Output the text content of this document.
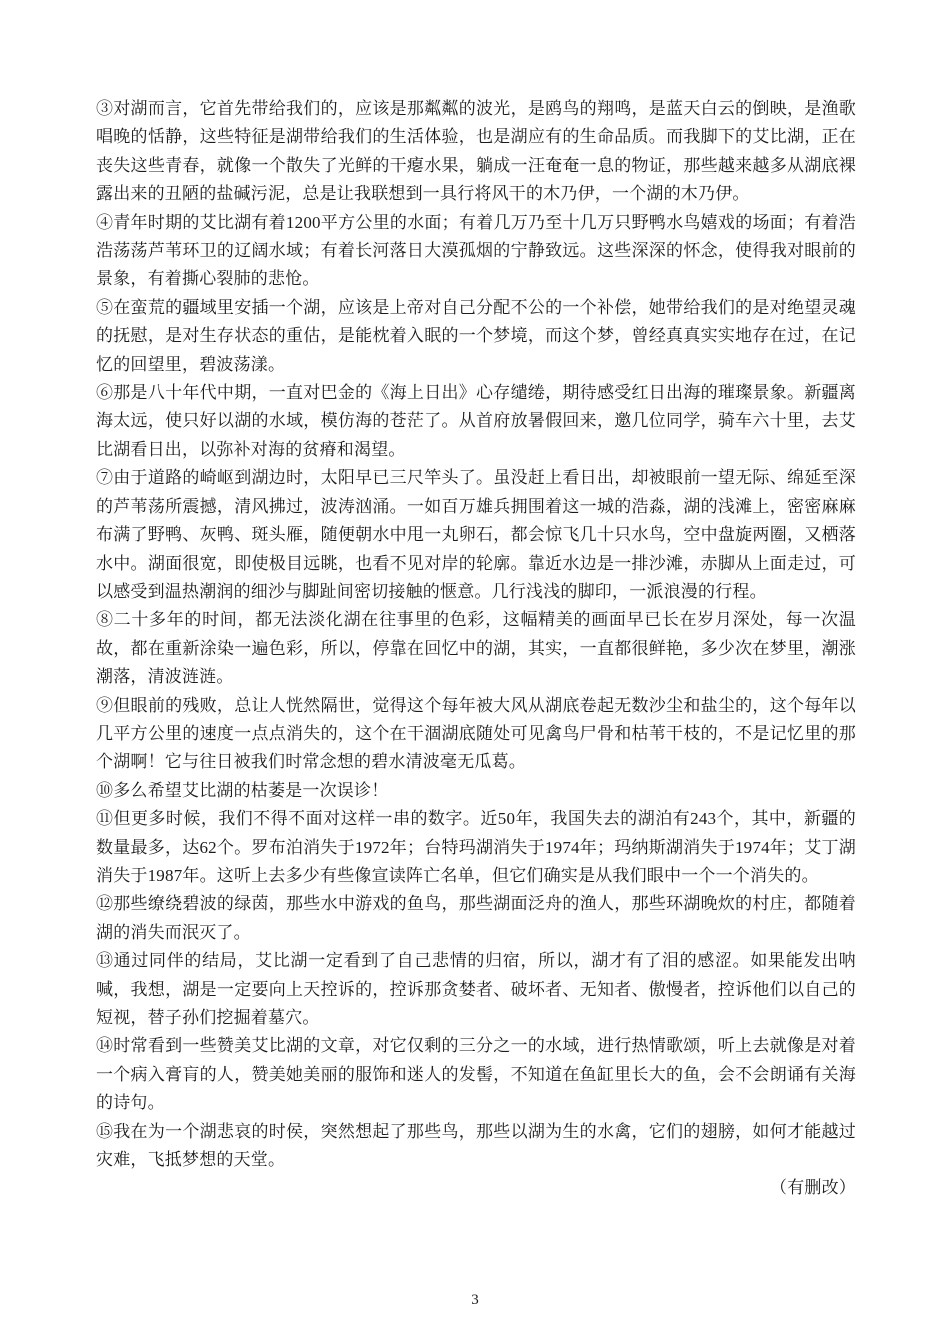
③对湖而言，它首先带给我们的，应该是那粼粼的波光，是鸥鸟的翔鸣，是蓝天白云的倒映，是渔歌唱晚的恬静，这些特征是湖带给我们的生活体验，也是湖应有的生命品质。而我脚下的艾比湖，正在丧失这些青春，就像一个散失了光鲜的干瘪水果，躺成一汪奄奄一息的物证，那些越来越多从湖底裸露出来的丑陋的盐碱污泥，总是让我联想到一具行将风干的木乃伊，一个湖的木乃伊。

④青年时期的艾比湖有着1200平方公里的水面；有着几万乃至十几万只野鸭水鸟嬉戏的场面；有着浩浩荡荡芦苇环卫的辽阔水域；有着长河落日大漠孤烟的宁静致远。这些深深的怀念，使得我对眼前的景象，有着撕心裂肺的悲怆。

⑤在蛮荒的疆域里安插一个湖，应该是上帝对自己分配不公的一个补偿，她带给我们的是对绝望灵魂的抚慰，是对生存状态的重估，是能枕着入眠的一个梦境，而这个梦，曾经真真实实地存在过，在记忆的回望里，碧波荡漾。

⑥那是八十年代中期，一直对巴金的《海上日出》心存缱绻，期待感受红日出海的璀璨景象。新疆离海太远，使只好以湖的水域，模仿海的苍茫了。从首府放暑假回来，邀几位同学，骑车六十里，去艾比湖看日出，以弥补对海的贫瘠和渴望。

⑦由于道路的崎岖到湖边时，太阳早已三尺竿头了。虽没赶上看日出，却被眼前一望无际、绵延至深的芦苇荡所震撼，清风拂过，波涛汹涌。一如百万雄兵拥围着这一城的浩淼，湖的浅滩上，密密麻麻布满了野鸭、灰鸭、斑头雁，随便朝水中甩一丸卵石，都会惊飞几十只水鸟，空中盘旋两圈，又栖落水中。湖面很宽，即使极目远眺，也看不见对岸的轮廓。靠近水边是一排沙滩，赤脚从上面走过，可以感受到温热潮润的细沙与脚趾间密切接触的惬意。几行浅浅的脚印，一派浪漫的行程。

⑧二十多年的时间，都无法淡化湖在往事里的色彩，这幅精美的画面早已长在岁月深处，每一次温故，都在重新涂染一遍色彩，所以，停靠在回忆中的湖，其实，一直都很鲜艳，多少次在梦里，潮涨潮落，清波涟涟。

⑨但眼前的残败，总让人恍然隔世，觉得这个每年被大风从湖底卷起无数沙尘和盐尘的，这个每年以几平方公里的速度一点点消失的，这个在干涸湖底随处可见禽鸟尸骨和枯苇干枝的，不是记忆里的那个湖啊！它与往日被我们时常念想的碧水清波毫无瓜葛。

⑩多么希望艾比湖的枯萎是一次误诊！

⑪但更多时候，我们不得不面对这样一串的数字。近50年，我国失去的湖泊有243个，其中，新疆的数量最多，达62个。罗布泊消失于1972年；台特玛湖消失于1974年；玛纳斯湖消失于1974年；艾丁湖消失于1987年。这听上去多少有些像宣读阵亡名单，但它们确实是从我们眼中一个一个消失的。

⑫那些缭绕碧波的绿茵，那些水中游戏的鱼鸟，那些湖面泛舟的渔人，那些环湖晚炊的村庄，都随着湖的消失而泯灭了。

⑬通过同伴的结局，艾比湖一定看到了自己悲情的归宿，所以，湖才有了泪的感涩。如果能发出呐喊，我想，湖是一定要向上天控诉的，控诉那贪婪者、破坏者、无知者、傲慢者，控诉他们以自己的短视，替子孙们挖掘着墓穴。

⑭时常看到一些赞美艾比湖的文章，对它仅剩的三分之一的水域，进行热情歌颂，听上去就像是对着一个病入膏肓的人，赞美她美丽的服饰和迷人的发髻，不知道在鱼缸里长大的鱼，会不会朗诵有关海的诗句。

⑮我在为一个湖悲哀的时侯，突然想起了那些鸟，那些以湖为生的水禽，它们的翅膀，如何才能越过灾难，飞抵梦想的天堂。

（有删改）
3
